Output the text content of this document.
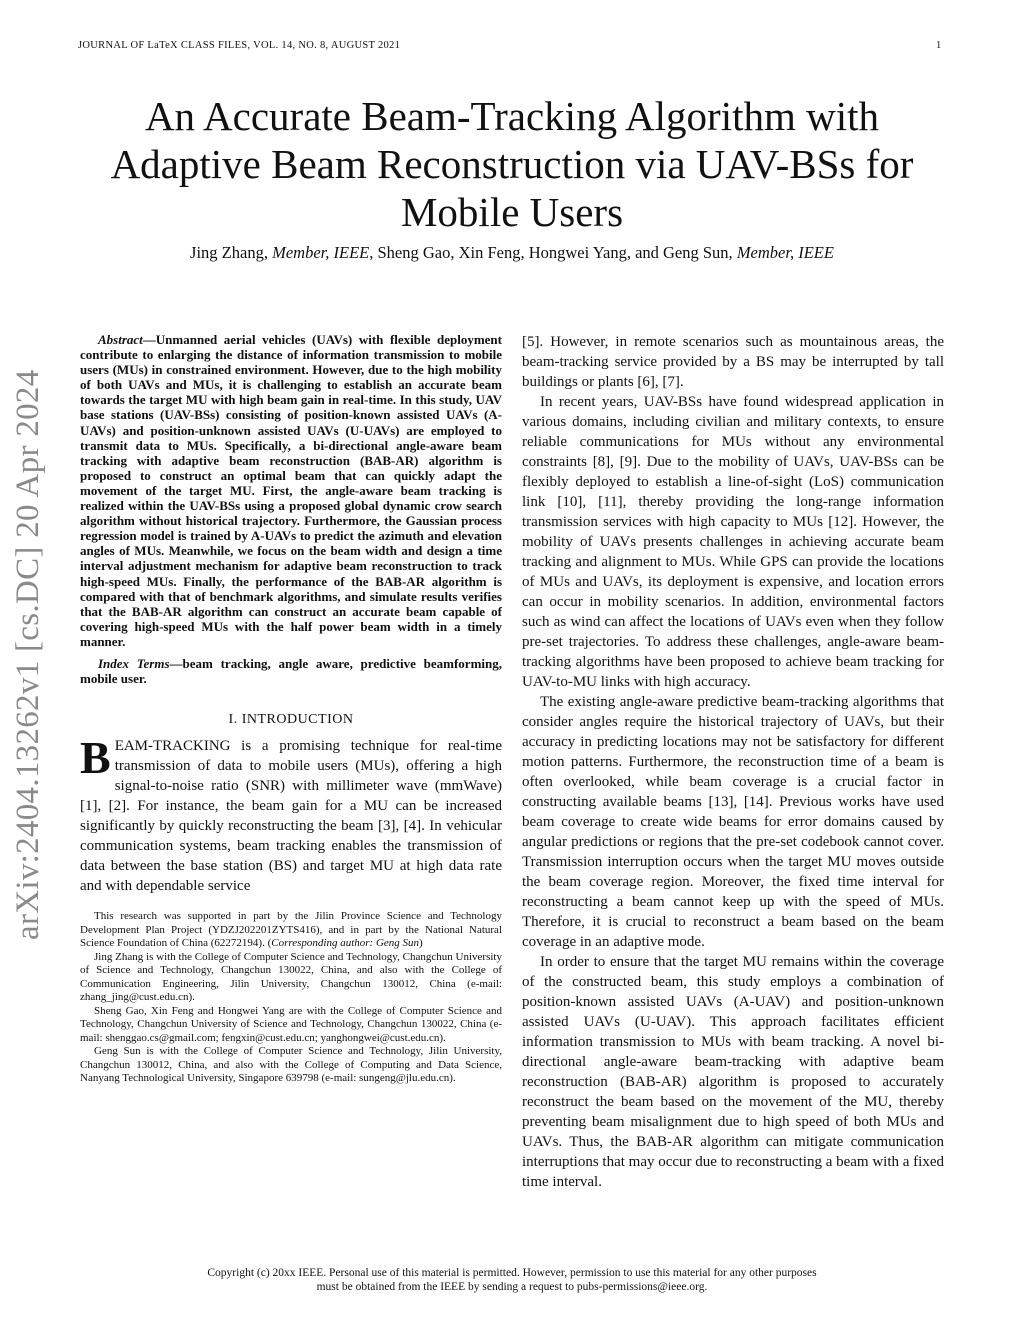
JOURNAL OF LaTeX CLASS FILES, VOL. 14, NO. 8, AUGUST 2021	1
arXiv:2404.13262v1 [cs.DC] 20 Apr 2024
An Accurate Beam-Tracking Algorithm with Adaptive Beam Reconstruction via UAV-BSs for Mobile Users
Jing Zhang, Member, IEEE, Sheng Gao, Xin Feng, Hongwei Yang, and Geng Sun, Member, IEEE

Abstract—Unmanned aerial vehicles (UAVs) with flexible deployment contribute to enlarging the distance of information transmission to mobile users (MUs) in constrained environment. However, due to the high mobility of both UAVs and MUs, it is challenging to establish an accurate beam towards the target MU with high beam gain in real-time. In this study, UAV base stations (UAV-BSs) consisting of position-known assisted UAVs (A-UAVs) and position-unknown assisted UAVs (U-UAVs) are employed to transmit data to MUs. Specifically, a bi-directional angle-aware beam tracking with adaptive beam reconstruction (BAB-AR) algorithm is proposed to construct an optimal beam that can quickly adapt the movement of the target MU. First, the angle-aware beam tracking is realized within the UAV-BSs using a proposed global dynamic crow search algorithm without historical trajectory. Furthermore, the Gaussian process regression model is trained by A-UAVs to predict the azimuth and elevation angles of MUs. Meanwhile, we focus on the beam width and design a time interval adjustment mechanism for adaptive beam reconstruction to track high-speed MUs. Finally, the performance of the BAB-AR algorithm is compared with that of benchmark algorithms, and simulate results verifies that the BAB-AR algorithm can construct an accurate beam capable of covering high-speed MUs with the half power beam width in a timely manner.

Index Terms—beam tracking, angle aware, predictive beamforming, mobile user.

I. INTRODUCTION

BEAM-TRACKING is a promising technique for real-time transmission of data to mobile users (MUs), offering a high signal-to-noise ratio (SNR) with millimeter wave (mmWave) [1], [2]. For instance, the beam gain for a MU can be increased significantly by quickly reconstructing the beam [3], [4]. In vehicular communication systems, beam tracking enables the transmission of data between the base station (BS) and target MU at high data rate and with dependable service

This research was supported in part by the Jilin Province Science and Technology Development Plan Project (YDZJ202201ZYTS416), and in part by the National Natural Science Foundation of China (62272194). (Corresponding author: Geng Sun)

Jing Zhang is with the College of Computer Science and Technology, Changchun University of Science and Technology, Changchun 130022, China, and also with the College of Communication Engineering, Jilin University, Changchun 130012, China (e-mail: zhang_jing@cust.edu.cn).

Sheng Gao, Xin Feng and Hongwei Yang are with the College of Computer Science and Technology, Changchun University of Science and Technology, Changchun 130022, China (e-mail: shenggao.cs@gmail.com; fengxin@cust.edu.cn; yanghongwei@cust.edu.cn).

Geng Sun is with the College of Computer Science and Technology, Jilin University, Changchun 130012, China, and also with the College of Computing and Data Science, Nanyang Technological University, Singapore 639798 (e-mail: sungeng@jlu.edu.cn).

[5]. However, in remote scenarios such as mountainous areas, the beam-tracking service provided by a BS may be interrupted by tall buildings or plants [6], [7].

In recent years, UAV-BSs have found widespread application in various domains, including civilian and military contexts, to ensure reliable communications for MUs without any environmental constraints [8], [9]. Due to the mobility of UAVs, UAV-BSs can be flexibly deployed to establish a line-of-sight (LoS) communication link [10], [11], thereby providing the long-range information transmission services with high capacity to MUs [12]. However, the mobility of UAVs presents challenges in achieving accurate beam tracking and alignment to MUs. While GPS can provide the locations of MUs and UAVs, its deployment is expensive, and location errors can occur in mobility scenarios. In addition, environmental factors such as wind can affect the locations of UAVs even when they follow pre-set trajectories. To address these challenges, angle-aware beam-tracking algorithms have been proposed to achieve beam tracking for UAV-to-MU links with high accuracy.

The existing angle-aware predictive beam-tracking algorithms that consider angles require the historical trajectory of UAVs, but their accuracy in predicting locations may not be satisfactory for different motion patterns. Furthermore, the reconstruction time of a beam is often overlooked, while beam coverage is a crucial factor in constructing available beams [13], [14]. Previous works have used beam coverage to create wide beams for error domains caused by angular predictions or regions that the pre-set codebook cannot cover. Transmission interruption occurs when the target MU moves outside the beam coverage region. Moreover, the fixed time interval for reconstructing a beam cannot keep up with the speed of MUs. Therefore, it is crucial to reconstruct a beam based on the beam coverage in an adaptive mode.

In order to ensure that the target MU remains within the coverage of the constructed beam, this study employs a combination of position-known assisted UAVs (A-UAV) and position-unknown assisted UAVs (U-UAV). This approach facilitates efficient information transmission to MUs with beam tracking. A novel bi-directional angle-aware beam-tracking with adaptive beam reconstruction (BAB-AR) algorithm is proposed to accurately reconstruct the beam based on the movement of the MU, thereby preventing beam misalignment due to high speed of both MUs and UAVs. Thus, the BAB-AR algorithm can mitigate communication interruptions that may occur due to reconstructing a beam with a fixed time interval.

Copyright (c) 20xx IEEE. Personal use of this material is permitted. However, permission to use this material for any other purposes
must be obtained from the IEEE by sending a request to pubs-permissions@ieee.org.
